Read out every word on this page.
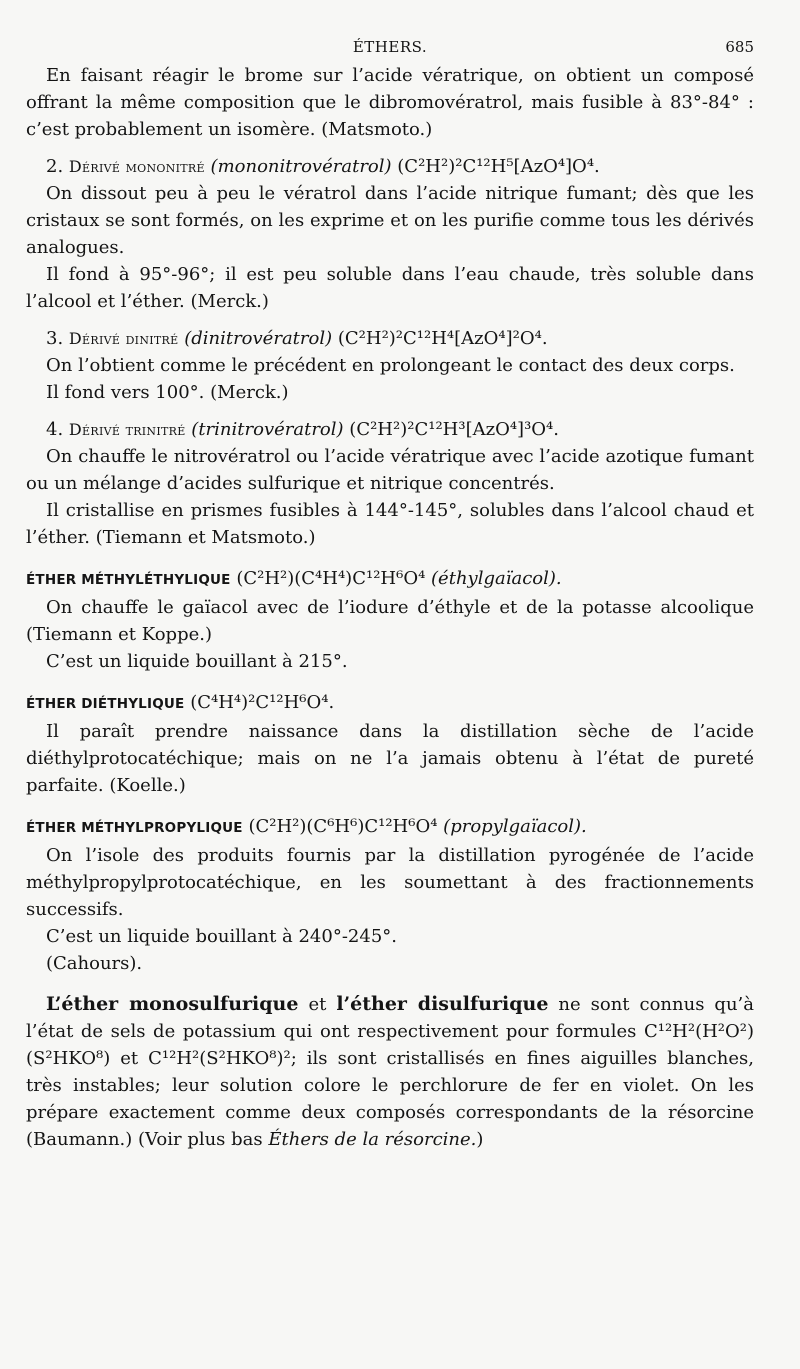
ÉTHERS.	685

En faisant réagir le brome sur l’acide vératrique, on obtient un composé offrant la même composition que le dibromovératrol, mais fusible à 83°-84° : c’est probablement un isomère. (Matsmoto.)

2. Dérivé mononitré (mononitrovératrol) (C²H²)²C¹²H⁵[AzO⁴]O⁴.

On dissout peu à peu le vératrol dans l’acide nitrique fumant; dès que les cristaux se sont formés, on les exprime et on les purifie comme tous les dérivés analogues.

Il fond à 95°-96°; il est peu soluble dans l’eau chaude, très soluble dans l’alcool et l’éther. (Merck.)

3. Dérivé dinitré (dinitrovératrol) (C²H²)²C¹²H⁴[AzO⁴]²O⁴.

On l’obtient comme le précédent en prolongeant le contact des deux corps.

Il fond vers 100°. (Merck.)

4. Dérivé trinitré (trinitrovératrol) (C²H²)²C¹²H³[AzO⁴]³O⁴.

On chauffe le nitrovératrol ou l’acide vératrique avec l’acide azotique fumant ou un mélange d’acides sulfurique et nitrique concentrés.

Il cristallise en prismes fusibles à 144°-145°, solubles dans l’alcool chaud et l’éther. (Tiemann et Matsmoto.)

ÉTHER MÉTHYLÉTHYLIQUE (C²H²)(C⁴H⁴)C¹²H⁶O⁴ (éthylgaïacol).

On chauffe le gaïacol avec de l’iodure d’éthyle et de la potasse alcoolique (Tiemann et Koppe.)

C’est un liquide bouillant à 215°.

ÉTHER DIÉTHYLIQUE (C⁴H⁴)²C¹²H⁶O⁴.

Il paraît prendre naissance dans la distillation sèche de l’acide diéthylprotocatéchique; mais on ne l’a jamais obtenu à l’état de pureté parfaite. (Koelle.)

ÉTHER MÉTHYLPROPYLIQUE (C²H²)(C⁶H⁶)C¹²H⁶O⁴ (propylgaïacol).

On l’isole des produits fournis par la distillation pyrogénée de l’acide méthylpropylprotocatéchique, en les soumettant à des fractionnements successifs.

C’est un liquide bouillant à 240°-245°.

(Cahours).

L’éther monosulfurique et l’éther disulfurique ne sont connus qu’à l’état de sels de potassium qui ont respectivement pour formules C¹²H²(H²O²)(S²HKO⁸) et C¹²H²(S²HKO⁸)²; ils sont cristallisés en fines aiguilles blanches, très instables; leur solution colore le perchlorure de fer en violet. On les prépare exactement comme deux composés correspondants de la résorcine (Baumann.) (Voir plus bas Éthers de la résorcine.)
